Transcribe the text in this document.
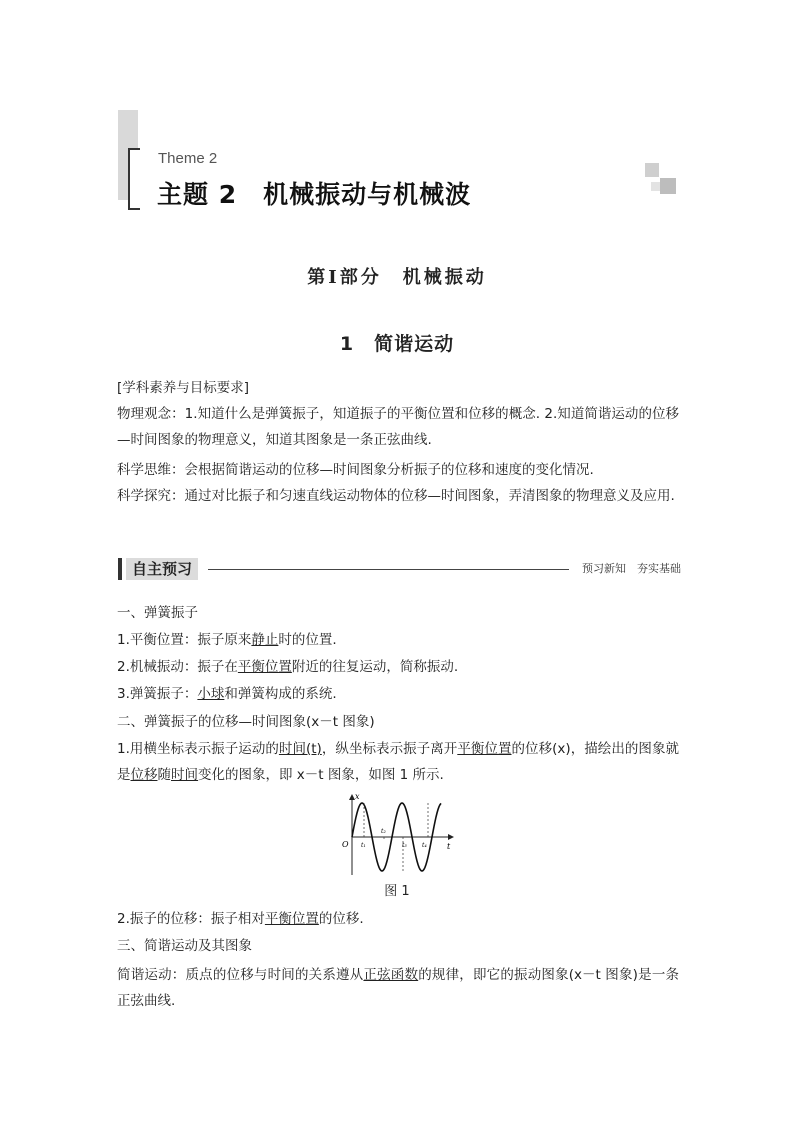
Theme 2
主题 2　机械振动与机械波
第Ⅰ部分　机械振动
1　简谐运动
[学科素养与目标要求]
物理观念：1.知道什么是弹簧振子，知道振子的平衡位置和位移的概念. 2.知道简谐运动的位移—时间图象的物理意义，知道其图象是一条正弦曲线.
科学思维：会根据简谐运动的位移—时间图象分析振子的位移和速度的变化情况.
科学探究：通过对比振子和匀速直线运动物体的位移—时间图象，弄清图象的物理意义及应用.
自主预习	预习新知　夯实基础
一、弹簧振子
1.平衡位置：振子原来静止时的位置.
2.机械振动：振子在平衡位置附近的往复运动，简称振动.
3.弹簧振子：小球和弹簧构成的系统.
二、弹簧振子的位移—时间图象(x－t 图象)
1.用横坐标表示振子运动的时间(t)，纵坐标表示振子离开平衡位置的位移(x)，描绘出的图象就是位移随时间变化的图象，即 x－t 图象，如图 1 所示.
x
t
O t₁
t₂
t₃	t₄
图 1
2.振子的位移：振子相对平衡位置的位移.
三、简谐运动及其图象
简谐运动：质点的位移与时间的关系遵从正弦函数的规律，即它的振动图象(x－t 图象)是一条正弦曲线.
